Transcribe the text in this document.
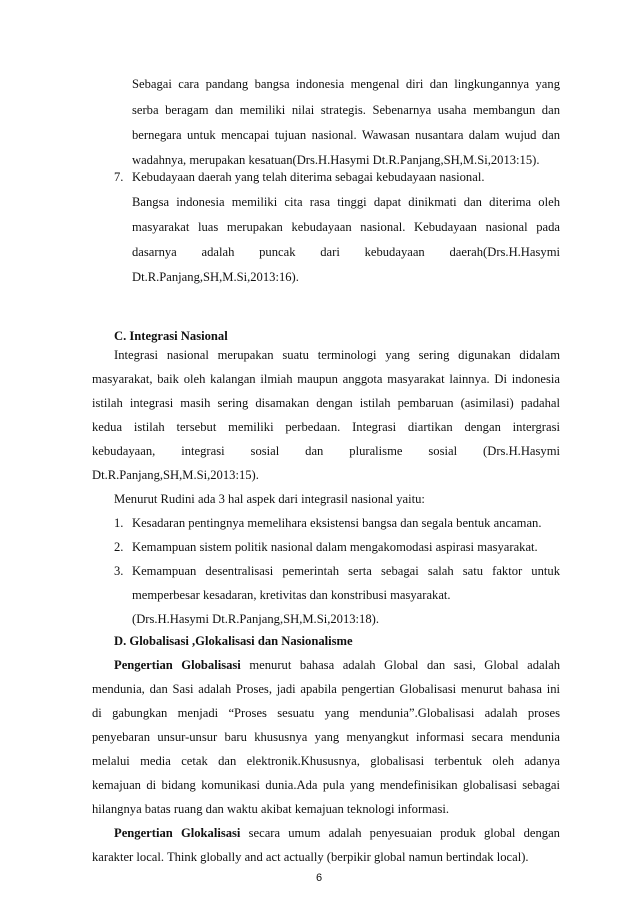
Sebagai cara pandang bangsa indonesia mengenal diri dan lingkungannya yang
serba beragam dan memiliki nilai strategis. Sebenarnya usaha membangun dan
bernegara untuk mencapai tujuan nasional. Wawasan nusantara dalam wujud dan
wadahnya, merupakan kesatuan(Drs.H.Hasymi Dt.R.Panjang,SH,M.Si,2013:15).
7. Kebudayaan daerah yang telah diterima sebagai kebudayaan nasional.
Bangsa indonesia memiliki cita rasa tinggi dapat dinikmati dan diterima oleh
masyarakat luas merupakan kebudayaan nasional. Kebudayaan nasional pada
dasarnya adalah puncak dari kebudayaan daerah(Drs.H.Hasymi
Dt.R.Panjang,SH,M.Si,2013:16).
C. Integrasi Nasional
Integrasi nasional merupakan suatu terminologi yang sering digunakan didalam
masyarakat, baik oleh kalangan ilmiah maupun anggota masyarakat lainnya. Di indonesia
istilah integrasi masih sering disamakan dengan istilah pembaruan (asimilasi) padahal
kedua istilah tersebut memiliki perbedaan. Integrasi diartikan dengan intergrasi
kebudayaan, integrasi sosial dan pluralisme sosial (Drs.H.Hasymi
Dt.R.Panjang,SH,M.Si,2013:15).
Menurut Rudini ada 3 hal aspek dari integrasil nasional yaitu:
1. Kesadaran pentingnya memelihara eksistensi bangsa dan segala bentuk ancaman.
2. Kemampuan sistem politik nasional dalam mengakomodasi aspirasi masyarakat.
3. Kemampuan desentralisasi pemerintah serta sebagai salah satu faktor untuk
memperbesar kesadaran, kretivitas dan konstribusi masyarakat.
(Drs.H.Hasymi Dt.R.Panjang,SH,M.Si,2013:18).
D. Globalisasi ,Glokalisasi dan Nasionalisme
Pengertian Globalisasi menurut bahasa adalah Global dan sasi, Global adalah
mendunia, dan Sasi adalah Proses, jadi apabila pengertian Globalisasi menurut bahasa ini
di gabungkan menjadi “Proses sesuatu yang mendunia”.Globalisasi adalah proses
penyebaran unsur-unsur baru khususnya yang menyangkut informasi secara mendunia
melalui media cetak dan elektronik.Khususnya, globalisasi terbentuk oleh adanya
kemajuan di bidang komunikasi dunia.Ada pula yang mendefinisikan globalisasi sebagai
hilangnya batas ruang dan waktu akibat kemajuan teknologi informasi.
Pengertian Glokalisasi secara umum adalah penyesuaian produk global dengan
karakter local. Think globally and act actually (berpikir global namun bertindak local).
6
